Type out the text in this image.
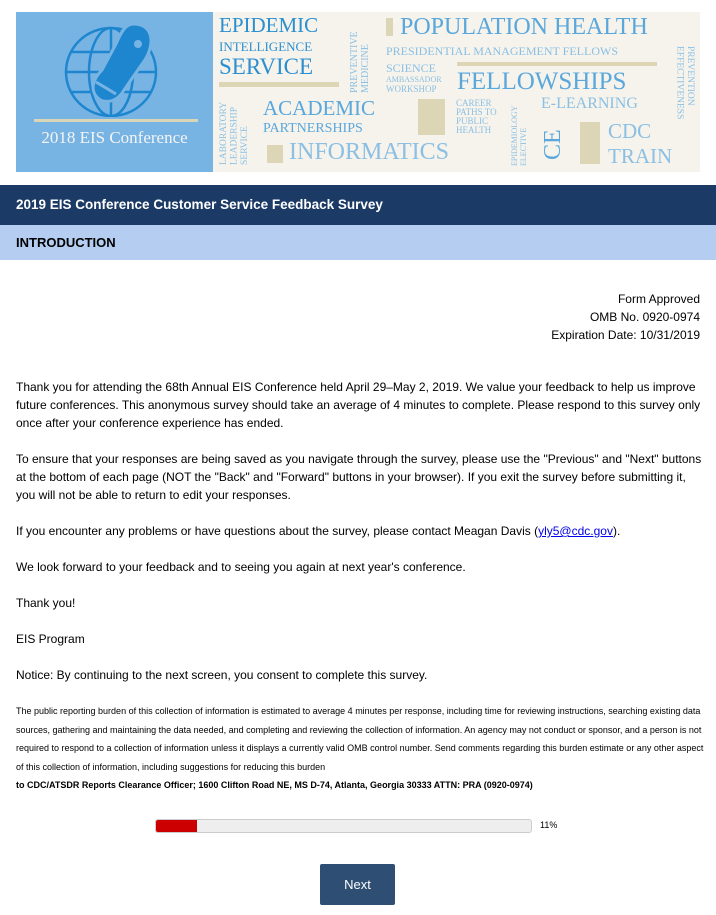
2018 EIS Conference
EPIDEMIC
INTELLIGENCE
SERVICE	PREVENTIVE MEDICINE
POPULATION HEALTH
PRESIDENTIAL MANAGEMENT FELLOWS
SCIENCE
AMBASSADOR
WORKSHOP FELLOWSHIPS	PREVENTION EFFECTIVENESS
LABORATORY LEADERSHIP SERVICE
ACADEMIC
PARTNERSHIPS
INFORMATICS
CAREER PATHS TO PUBLIC HEALTH	EPIDEMIOLOGY ELECTIVE
E-LEARNING
CE CDC
TRAIN
2019 EIS Conference Customer Service Feedback Survey
INTRODUCTION
Form Approved
OMB No. 0920-0974
Expiration Date: 10/31/2019

Thank you for attending the 68th Annual EIS Conference held April 29–May 2, 2019. We value your feedback to help us improve future conferences. This anonymous survey should take an average of 4 minutes to complete. Please respond to this survey only once after your conference experience has ended.

To ensure that your responses are being saved as you navigate through the survey, please use the "Previous" and "Next" buttons at the bottom of each page (NOT the "Back" and "Forward" buttons in your browser). If you exit the survey before submitting it, you will not be able to return to edit your responses.

If you encounter any problems or have questions about the survey, please contact Meagan Davis (yly5@cdc.gov).

We look forward to your feedback and to seeing you again at next year's conference.

Thank you!

EIS Program

Notice: By continuing to the next screen, you consent to complete this survey.

The public reporting burden of this collection of information is estimated to average 4 minutes per response, including time for reviewing instructions, searching existing data sources, gathering and maintaining the data needed, and completing and reviewing the collection of information. An agency may not conduct or sponsor, and a person is not required to respond to a collection of information unless it displays a currently valid OMB control number. Send comments regarding this burden estimate or any other aspect of this collection of information, including suggestions for reducing this burden
to CDC/ATSDR Reports Clearance Officer; 1600 Clifton Road NE, MS D-74, Atlanta, Georgia 30333 ATTN: PRA (0920-0974)
11%
Next
